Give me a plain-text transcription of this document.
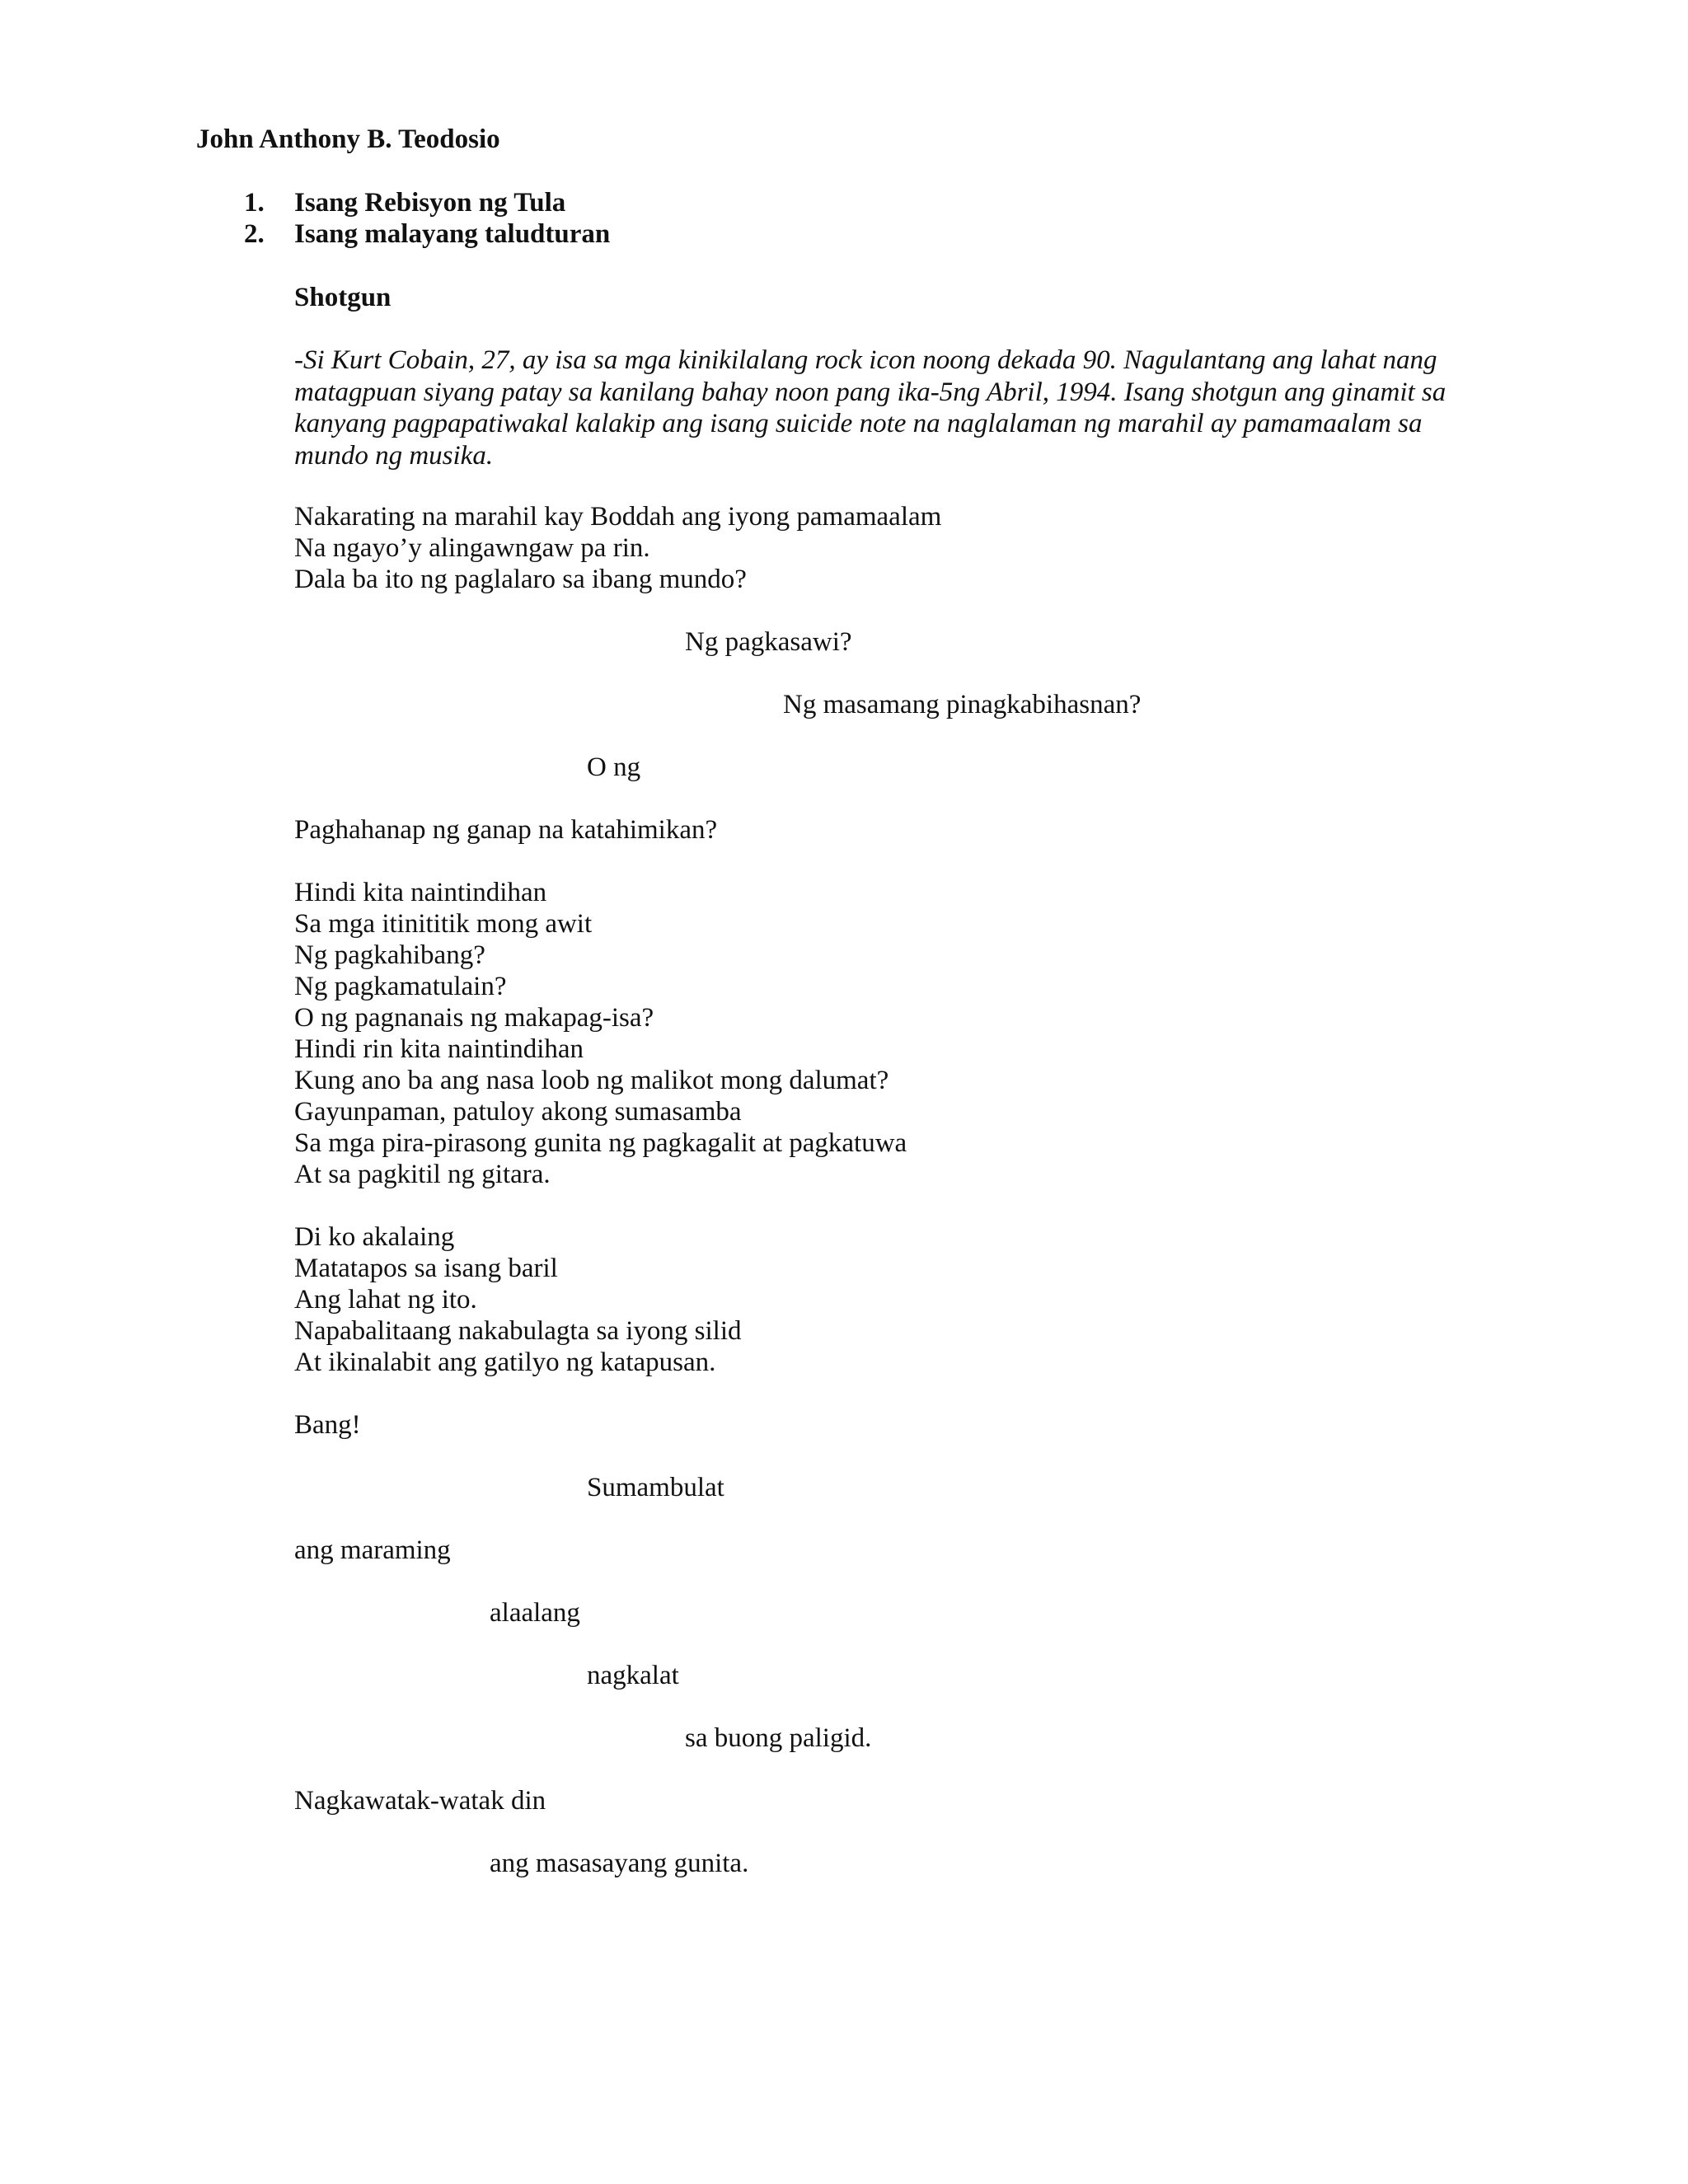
John Anthony B. Teodosio
1. Isang Rebisyon ng Tula
2. Isang malayang taludturan
Shotgun
-Si Kurt Cobain, 27, ay isa sa mga kinikilalang rock icon noong dekada 90. Nagulantang ang lahat nang matagpuan siyang patay sa kanilang bahay noon pang ika-5ng Abril, 1994. Isang shotgun ang ginamit sa kanyang pagpapatiwakal kalakip ang isang suicide note na naglalaman ng marahil ay pamamaalam sa mundo ng musika.
Nakarating na marahil kay Boddah ang iyong pamamaalam
Na ngayo’y alingawngaw pa rin.
Dala ba ito ng paglalaro sa ibang mundo?
Ng pagkasawi?
Ng masamang pinagkabihasnan?
O ng
Paghahanap ng ganap na katahimikan?
Hindi kita naintindihan
Sa mga itinititik mong awit
Ng pagkahibang?
Ng pagkamatulain?
O ng pagnanais ng makapag-isa?
Hindi rin kita naintindihan
Kung ano ba ang nasa loob ng malikot mong dalumat?
Gayunpaman, patuloy akong sumasamba
Sa mga pira-pirasong gunita ng pagkagalit at pagkatuwa
At sa pagkitil ng gitara.
Di ko akalaing
Matatapos sa isang baril
Ang lahat ng ito.
Napabalitaang nakabulagta sa iyong silid
At ikinalabit ang gatilyo ng katapusan.
Bang!
Sumambulat
ang maraming
alaalang
nagkalat
sa buong paligid.
Nagkawatak-watak din
ang masasayang gunita.
